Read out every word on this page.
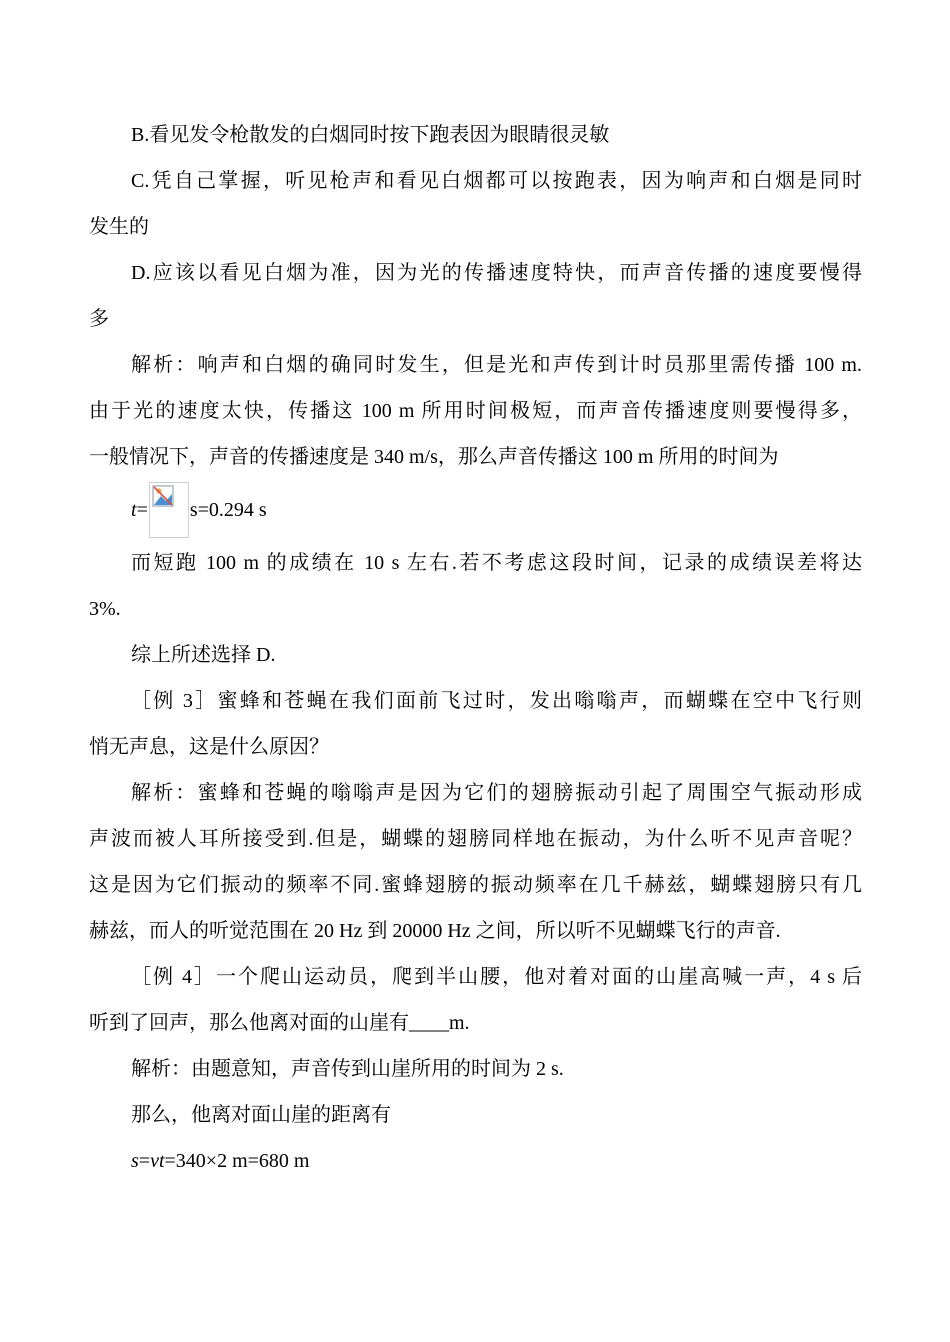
B.看见发令枪散发的白烟同时按下跑表因为眼睛很灵敏
C.凭自己掌握，听见枪声和看见白烟都可以按跑表，因为响声和白烟是同时
发生的
D.应该以看见白烟为准，因为光的传播速度特快，而声音传播的速度要慢得
多
解析：响声和白烟的确同时发生，但是光和声传到计时员那里需传播 100 m.
由于光的速度太快，传播这 100 m 所用时间极短，而声音传播速度则要慢得多，
一般情况下，声音的传播速度是 340 m/s，那么声音传播这 100 m 所用的时间为
t = s=0.294 s
而短跑 100 m 的成绩在 10 s 左右.若不考虑这段时间，记录的成绩误差将达
3%.
综上所述选择 D.
［例 3］蜜蜂和苍蝇在我们面前飞过时，发出嗡嗡声，而蝴蝶在空中飞行则
悄无声息，这是什么原因？
解析：蜜蜂和苍蝇的嗡嗡声是因为它们的翅膀振动引起了周围空气振动形成
声波而被人耳所接受到.但是，蝴蝶的翅膀同样地在振动，为什么听不见声音呢？
这是因为它们振动的频率不同.蜜蜂翅膀的振动频率在几千赫兹，蝴蝶翅膀只有几
赫兹，而人的听觉范围在 20 Hz 到 20000 Hz 之间，所以听不见蝴蝶飞行的声音.
［例 4］一个爬山运动员，爬到半山腰，他对着对面的山崖高喊一声，4 s 后
听到了回声，那么他离对面的山崖有____m.
解析：由题意知，声音传到山崖所用的时间为 2 s.
那么，他离对面山崖的距离有
s=vt=340×2 m=680 m
